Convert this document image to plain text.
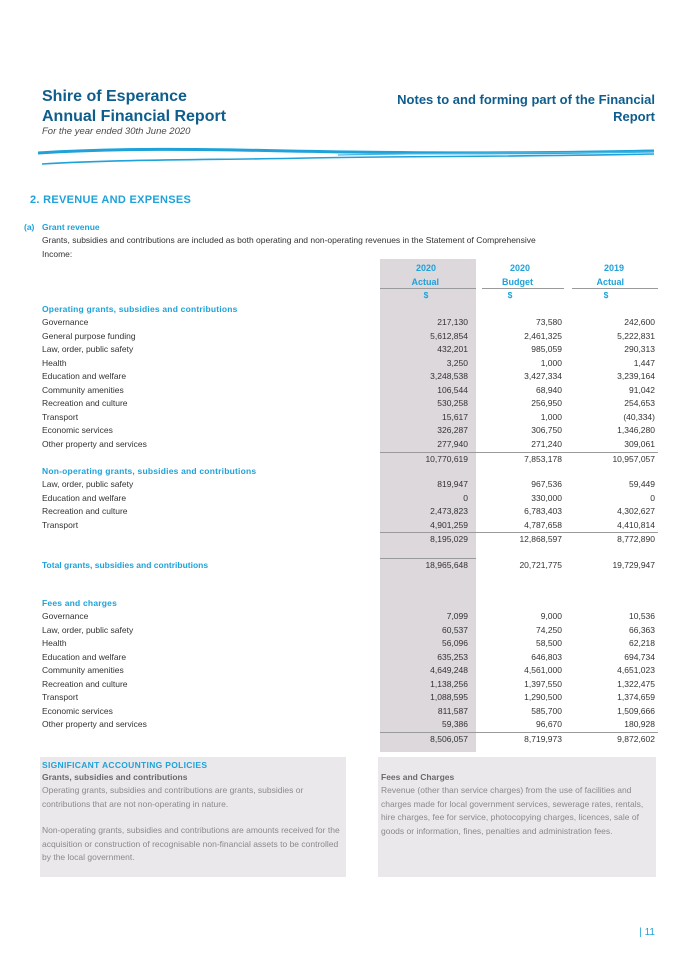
Shire of Esperance
Annual Financial Report
For the year ended 30th June 2020
Notes to and forming part of the Financial Report
2. REVENUE AND EXPENSES
(a) Grant revenue
Grants, subsidies and contributions are included as both operating and non-operating revenues in the Statement of Comprehensive Income:
2020	2020	2019
Actual	Budget	Actual
$	$	$
Operating grants, subsidies and contributions
Governance	217,130	73,580	242,600
General purpose funding	5,612,854	2,461,325	5,222,831
Law, order, public safety	432,201	985,059	290,313
Health	3,250	1,000	1,447
Education and welfare	3,248,538	3,427,334	3,239,164
Community amenities	106,544	68,940	91,042
Recreation and culture	530,258	256,950	254,653
Transport	15,617	1,000	(40,334)
Economic services	326,287	306,750	1,346,280
Other property and services	277,940	271,240	309,061
10,770,619	7,853,178	10,957,057
Non-operating grants, subsidies and contributions
Law, order, public safety	819,947	967,536	59,449
Education and welfare	0	330,000	0
Recreation and culture	2,473,823	6,783,403	4,302,627
Transport	4,901,259	4,787,658	4,410,814
8,195,029	12,868,597	8,772,890
Total grants, subsidies and contributions	18,965,648	20,721,775	19,729,947
Fees and charges
Governance	7,099	9,000	10,536
Law, order, public safety	60,537	74,250	66,363
Health	56,096	58,500	62,218
Education and welfare	635,253	646,803	694,734
Community amenities	4,649,248	4,561,000	4,651,023
Recreation and culture	1,138,256	1,397,550	1,322,475
Transport	1,088,595	1,290,500	1,374,659
Economic services	811,587	585,700	1,509,666
Other property and services	59,386	96,670	180,928
8,506,057	8,719,973	9,872,602
SIGNIFICANT ACCOUNTING POLICIES
Grants, subsidies and contributions
Operating grants, subsidies and contributions are grants, subsidies or contributions that are not non-operating in nature.
Non-operating grants, subsidies and contributions are amounts received for the acquisition or construction of recognisable non-financial assets to be controlled by the local government.
Fees and Charges
Revenue (other than service charges) from the use of facilities and charges made for local government services, sewerage rates, rentals, hire charges, fee for service, photocopying charges, licences, sale of goods or information, fines, penalties and administration fees.
| 11
